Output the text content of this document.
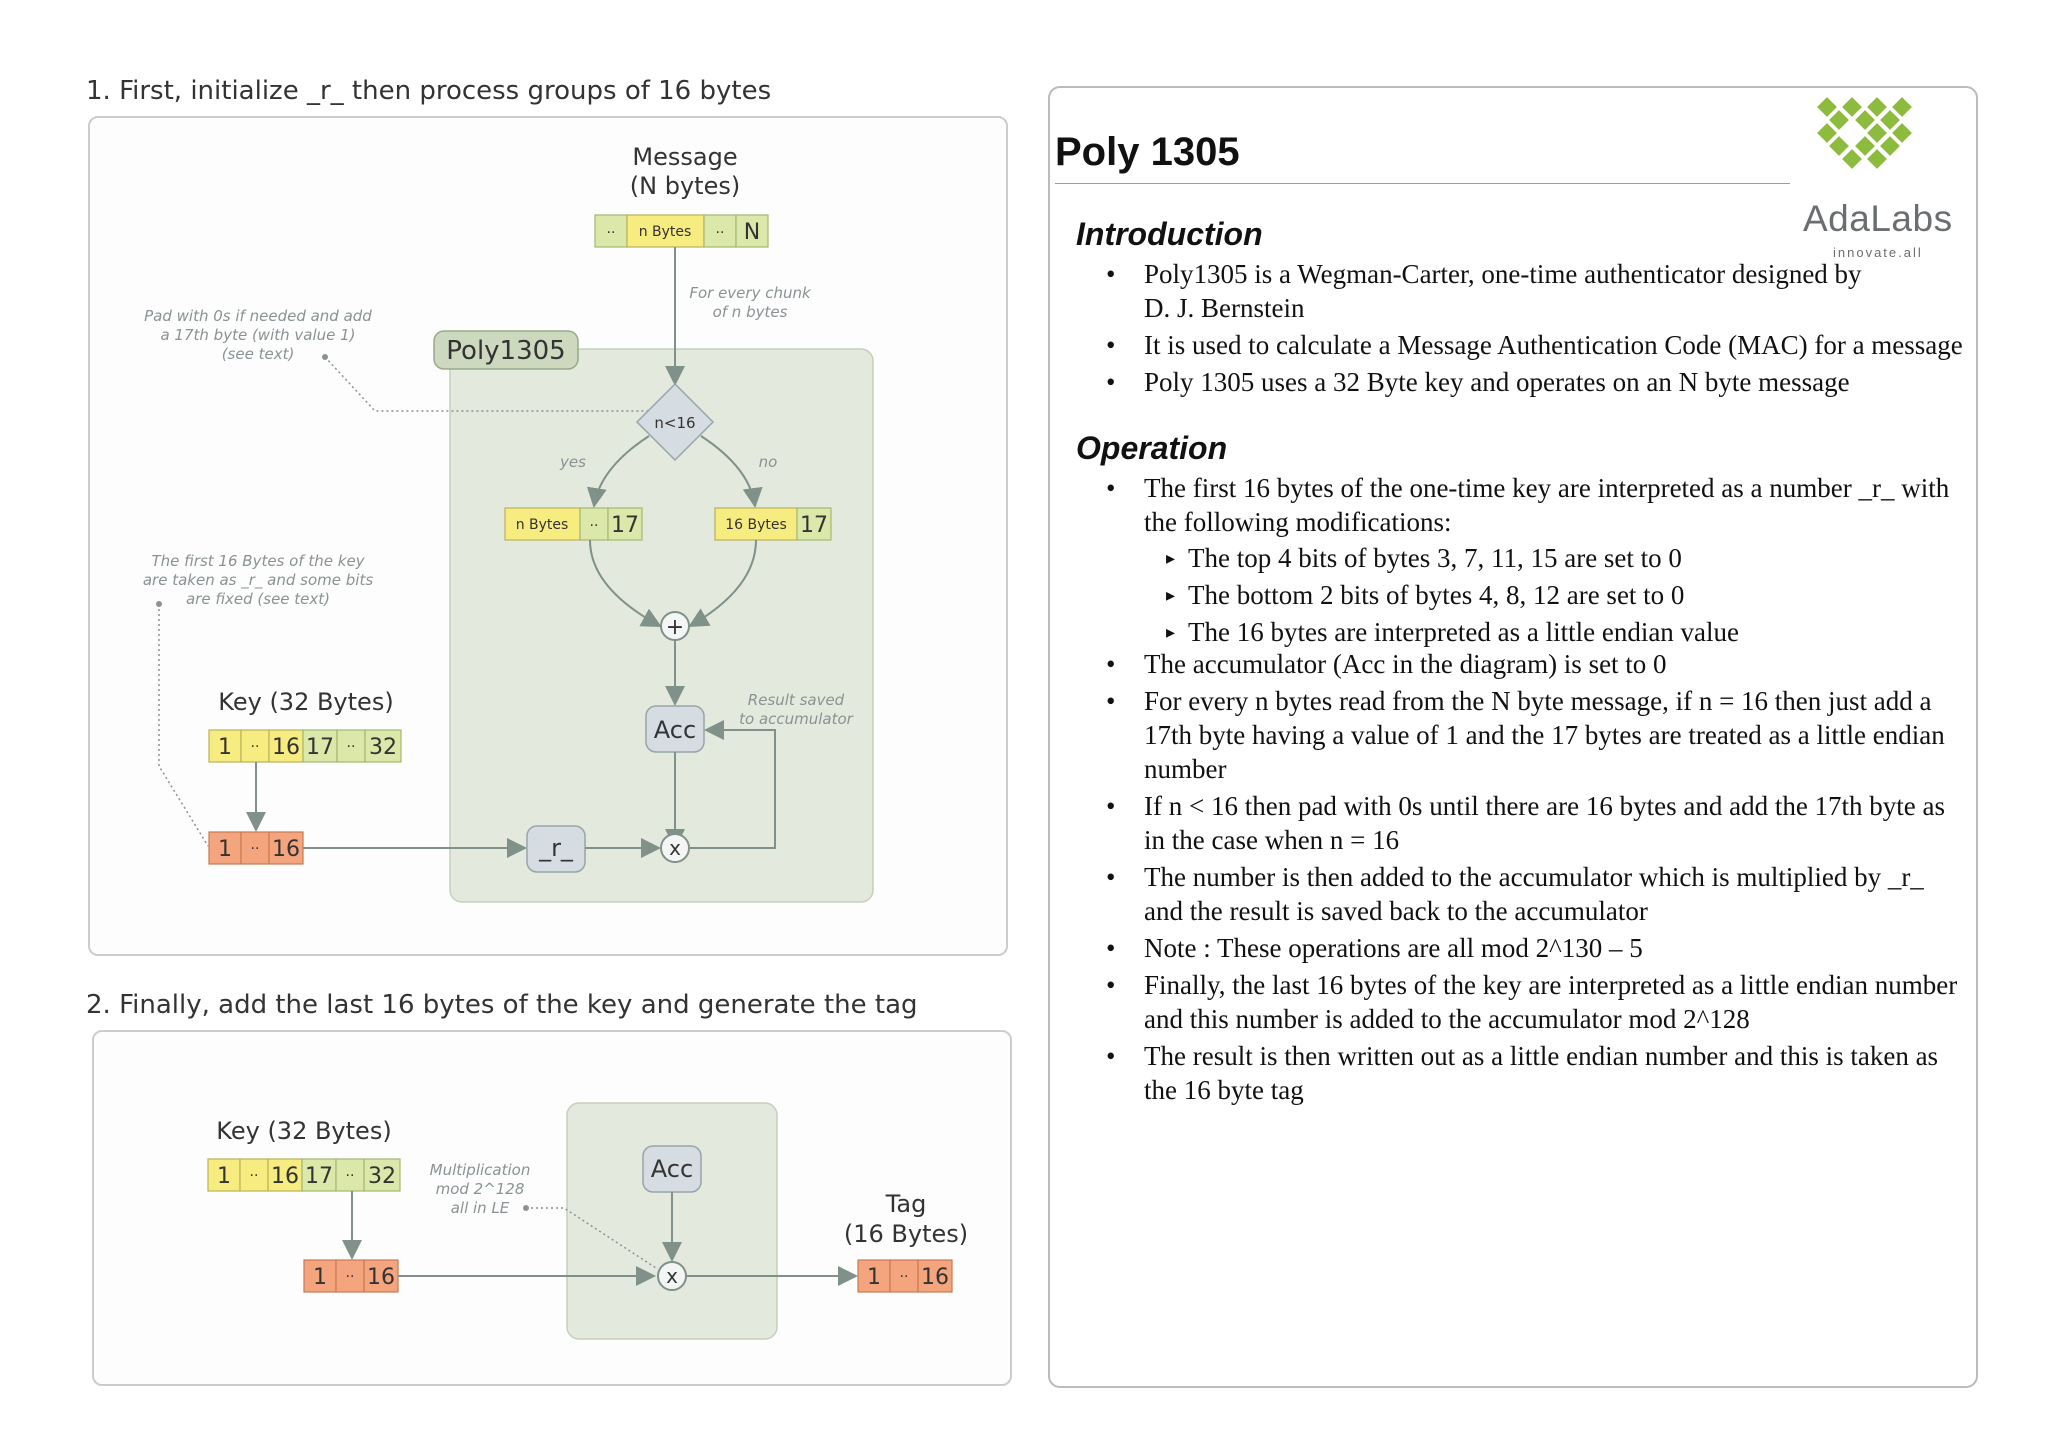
1. First, initialize _r_ then process groups of 16 bytes
2. Finally, add the last 16 bytes of the key and generate the tag
Poly1305
Message
(N bytes)
·· n Bytes ·· N
For every chunk
of n bytes
Pad with 0s if needed and add
a 17th byte (with value 1)
(see text)
n<16
yes	no
n Bytes ·· 17	16 Bytes 17
+
Acc
Result saved
to accumulator
x
_r_
The first 16 Bytes of the key
are taken as _r_ and some bits
are fixed (see text)
Key (32 Bytes)
1 ·· 16 17 ·· 32
1 ·· 16
Key (32 Bytes)
1 ·· 16 17 ·· 32
1 ·· 16
Multiplication
mod 2^128
all in LE
Acc
x
Tag
(16 Bytes)
1 ·· 16
Poly 1305
AdaLabs
innovate.all
Introduction
• Poly1305 is a Wegman-Carter, one-time authenticator designed by D. J. Bernstein
• It is used to calculate a Message Authentication Code (MAC) for a message
• Poly 1305 uses a 32 Byte key and operates on an N byte message
Operation
• The first 16 bytes of the one-time key are interpreted as a number _r_ with the following modifications:
▸ The top 4 bits of bytes 3, 7, 11, 15 are set to 0
▸ The bottom 2 bits of bytes 4, 8, 12 are set to 0
▸ The 16 bytes are interpreted as a little endian value
• The accumulator (Acc in the diagram) is set to 0
• For every n bytes read from the N byte message, if n = 16 then just add a 17th byte having a value of 1 and the 17 bytes are treated as a little endian number
• If n < 16 then pad with 0s until there are 16 bytes and add the 17th byte as in the case when n = 16
• The number is then added to the accumulator which is multiplied by _r_ and the result is saved back to the accumulator
• Note : These operations are all mod 2^130 – 5
• Finally, the last 16 bytes of the key are interpreted as a little endian number and this number is added to the accumulator mod 2^128
• The result is then written out as a little endian number and this is taken as the 16 byte tag
